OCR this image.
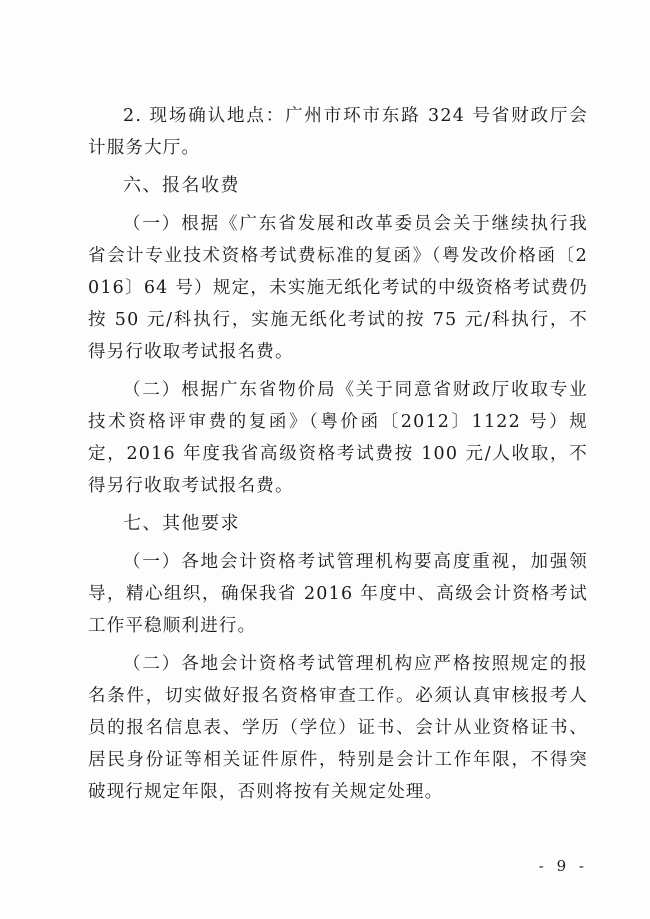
2. 现场确认地点：广州市环市东路 324 号省财政厅会计服务大厅。

六、报名收费

（一）根据《广东省发展和改革委员会关于继续执行我省会计专业技术资格考试费标准的复函》（粤发改价格函〔2016〕64 号）规定，未实施无纸化考试的中级资格考试费仍按 50 元/科执行，实施无纸化考试的按 75 元/科执行，不得另行收取考试报名费。

（二）根据广东省物价局《关于同意省财政厅收取专业技术资格评审费的复函》（粤价函〔2012〕1122 号）规定，2016 年度我省高级资格考试费按 100 元/人收取，不得另行收取考试报名费。

七、其他要求

（一）各地会计资格考试管理机构要高度重视，加强领导，精心组织，确保我省 2016 年度中、高级会计资格考试工作平稳顺利进行。

（二）各地会计资格考试管理机构应严格按照规定的报名条件，切实做好报名资格审查工作。必须认真审核报考人员的报名信息表、学历（学位）证书、会计从业资格证书、居民身份证等相关证件原件，特别是会计工作年限，不得突破现行规定年限，否则将按有关规定处理。

- 9 -
